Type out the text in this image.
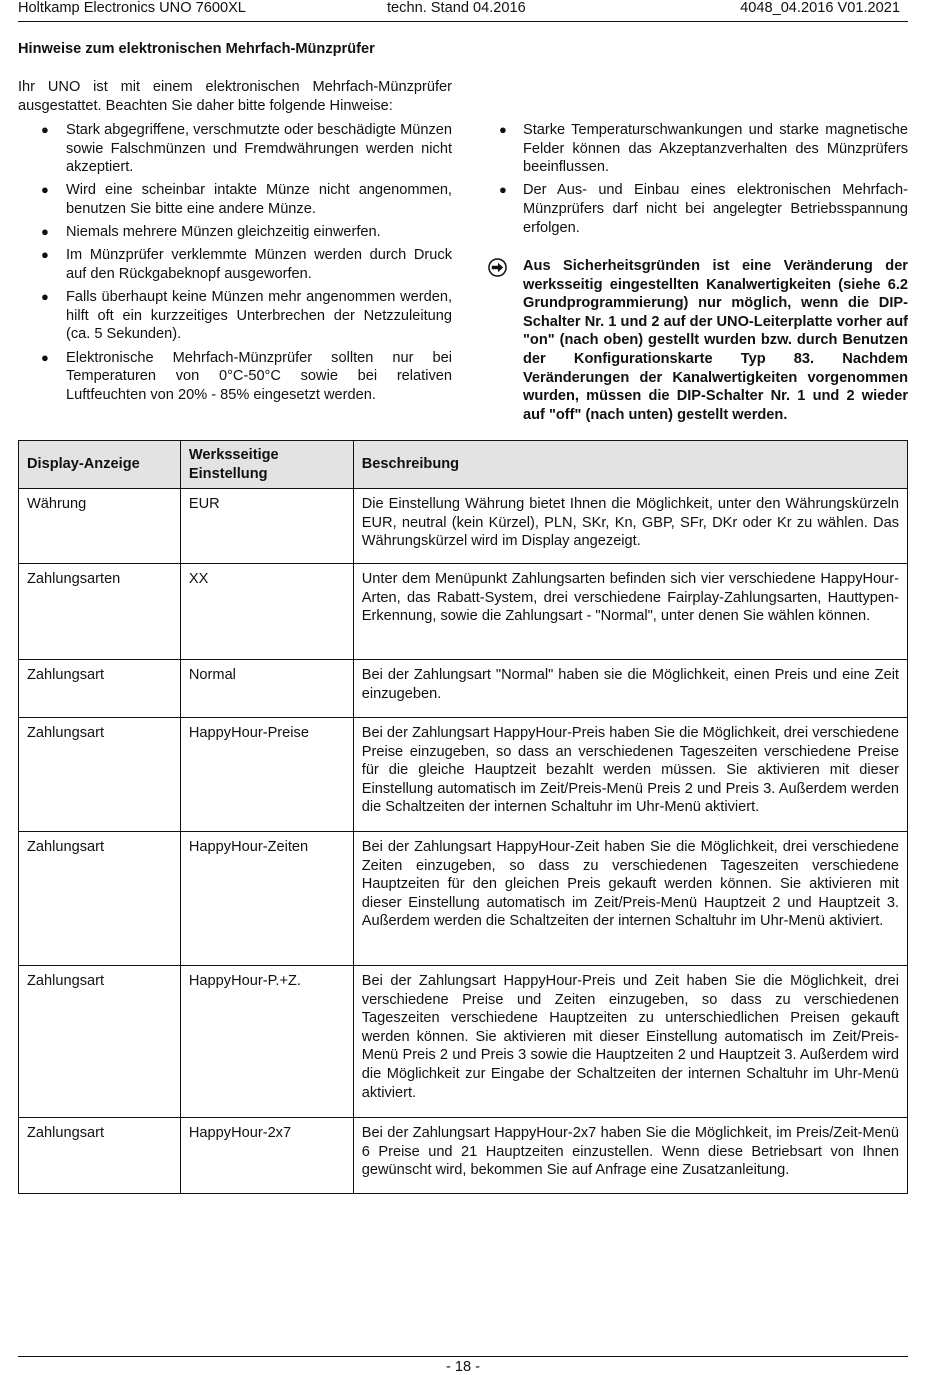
Holtkamp Electronics UNO 7600XL	techn. Stand 04.2016	4048_04.2016 V01.2021
Hinweise zum elektronischen Mehrfach-Münzprüfer

Ihr UNO ist mit einem elektronischen Mehrfach-Münzprüfer ausgestattet. Beachten Sie daher bitte folgende Hinweise:

● Stark abgegriffene, verschmutzte oder beschädigte Münzen sowie Falschmünzen und Fremdwährungen werden nicht akzeptiert.
● Wird eine scheinbar intakte Münze nicht angenommen, benutzen Sie bitte eine andere Münze.
● Niemals mehrere Münzen gleichzeitig einwerfen.
● Im Münzprüfer verklemmte Münzen werden durch Druck auf den Rückgabeknopf ausgeworfen.
● Falls überhaupt keine Münzen mehr angenommen werden, hilft oft ein kurzzeitiges Unterbrechen der Netzzuleitung (ca. 5 Sekunden).
● Elektronische Mehrfach-Münzprüfer sollten nur bei Temperaturen von 0°C-50°C sowie bei relativen Luftfeuchten von 20% - 85% eingesetzt werden.
● Starke Temperaturschwankungen und starke magnetische Felder können das Akzeptanzverhalten des Münzprüfers beeinflussen.
● Der Aus- und Einbau eines elektronischen Mehrfach-Münzprüfers darf nicht bei angelegter Betriebsspannung erfolgen.
Aus Sicherheitsgründen ist eine Veränderung der werksseitig eingestellten Kanalwertigkeiten (siehe 6.2 Grundprogrammierung) nur möglich, wenn die DIP-Schalter Nr. 1 und 2 auf der UNO-Leiterplatte vorher auf "on" (nach oben) gestellt wurden bzw. durch Benutzen der Konfigurationskarte Typ 83. Nachdem Veränderungen der Kanalwertigkeiten vorgenommen wurden, müssen die DIP-Schalter Nr. 1 und 2 wieder auf "off" (nach unten) gestellt werden.
Display-Anzeige	Werksseitige Einstellung	Beschreibung
Währung	EUR	Die Einstellung Währung bietet Ihnen die Möglichkeit, unter den Währungskürzeln EUR, neutral (kein Kürzel), PLN, SKr, Kn, GBP, SFr, DKr oder Kr zu wählen. Das Währungskürzel wird im Display angezeigt.
Zahlungsarten	XX	Unter dem Menüpunkt Zahlungsarten befinden sich vier verschiedene HappyHour-Arten, das Rabatt-System, drei verschiedene Fairplay-Zahlungsarten, Hauttypen-Erkennung, sowie die Zahlungsart - "Normal", unter denen Sie wählen können.
Zahlungsart	Normal	Bei der Zahlungsart "Normal" haben sie die Möglichkeit, einen Preis und eine Zeit einzugeben.
Zahlungsart	HappyHour-Preise	Bei der Zahlungsart HappyHour-Preis haben Sie die Möglichkeit, drei verschiedene Preise einzugeben, so dass an verschiedenen Tageszeiten verschiedene Preise für die gleiche Hauptzeit bezahlt werden müssen. Sie aktivieren mit dieser Einstellung automatisch im Zeit/Preis-Menü Preis 2 und Preis 3. Außerdem werden die Schaltzeiten der internen Schaltuhr im Uhr-Menü aktiviert.
Zahlungsart	HappyHour-Zeiten	Bei der Zahlungsart HappyHour-Zeit haben Sie die Möglichkeit, drei verschiedene Zeiten einzugeben, so dass zu verschiedenen Tageszeiten verschiedene Hauptzeiten für den gleichen Preis gekauft werden können. Sie aktivieren mit dieser Einstellung automatisch im Zeit/Preis-Menü Hauptzeit 2 und Hauptzeit 3. Außerdem werden die Schaltzeiten der internen Schaltuhr im Uhr-Menü aktiviert.
Zahlungsart	HappyHour-P.+Z.	Bei der Zahlungsart HappyHour-Preis und Zeit haben Sie die Möglichkeit, drei verschiedene Preise und Zeiten einzugeben, so dass zu verschiedenen Tageszeiten verschiedene Hauptzeiten zu unterschiedlichen Preisen gekauft werden können. Sie aktivieren mit dieser Einstellung automatisch im Zeit/Preis-Menü Preis 2 und Preis 3 sowie die Hauptzeiten 2 und Hauptzeit 3. Außerdem wird die Möglichkeit zur Eingabe der Schaltzeiten der internen Schaltuhr im Uhr-Menü aktiviert.
Zahlungsart	HappyHour-2x7	Bei der Zahlungsart HappyHour-2x7 haben Sie die Möglichkeit, im Preis/Zeit-Menü 6 Preise und 21 Hauptzeiten einzustellen. Wenn diese Betriebsart von Ihnen gewünscht wird, bekommen Sie auf Anfrage eine Zusatzanleitung.
- 18 -
